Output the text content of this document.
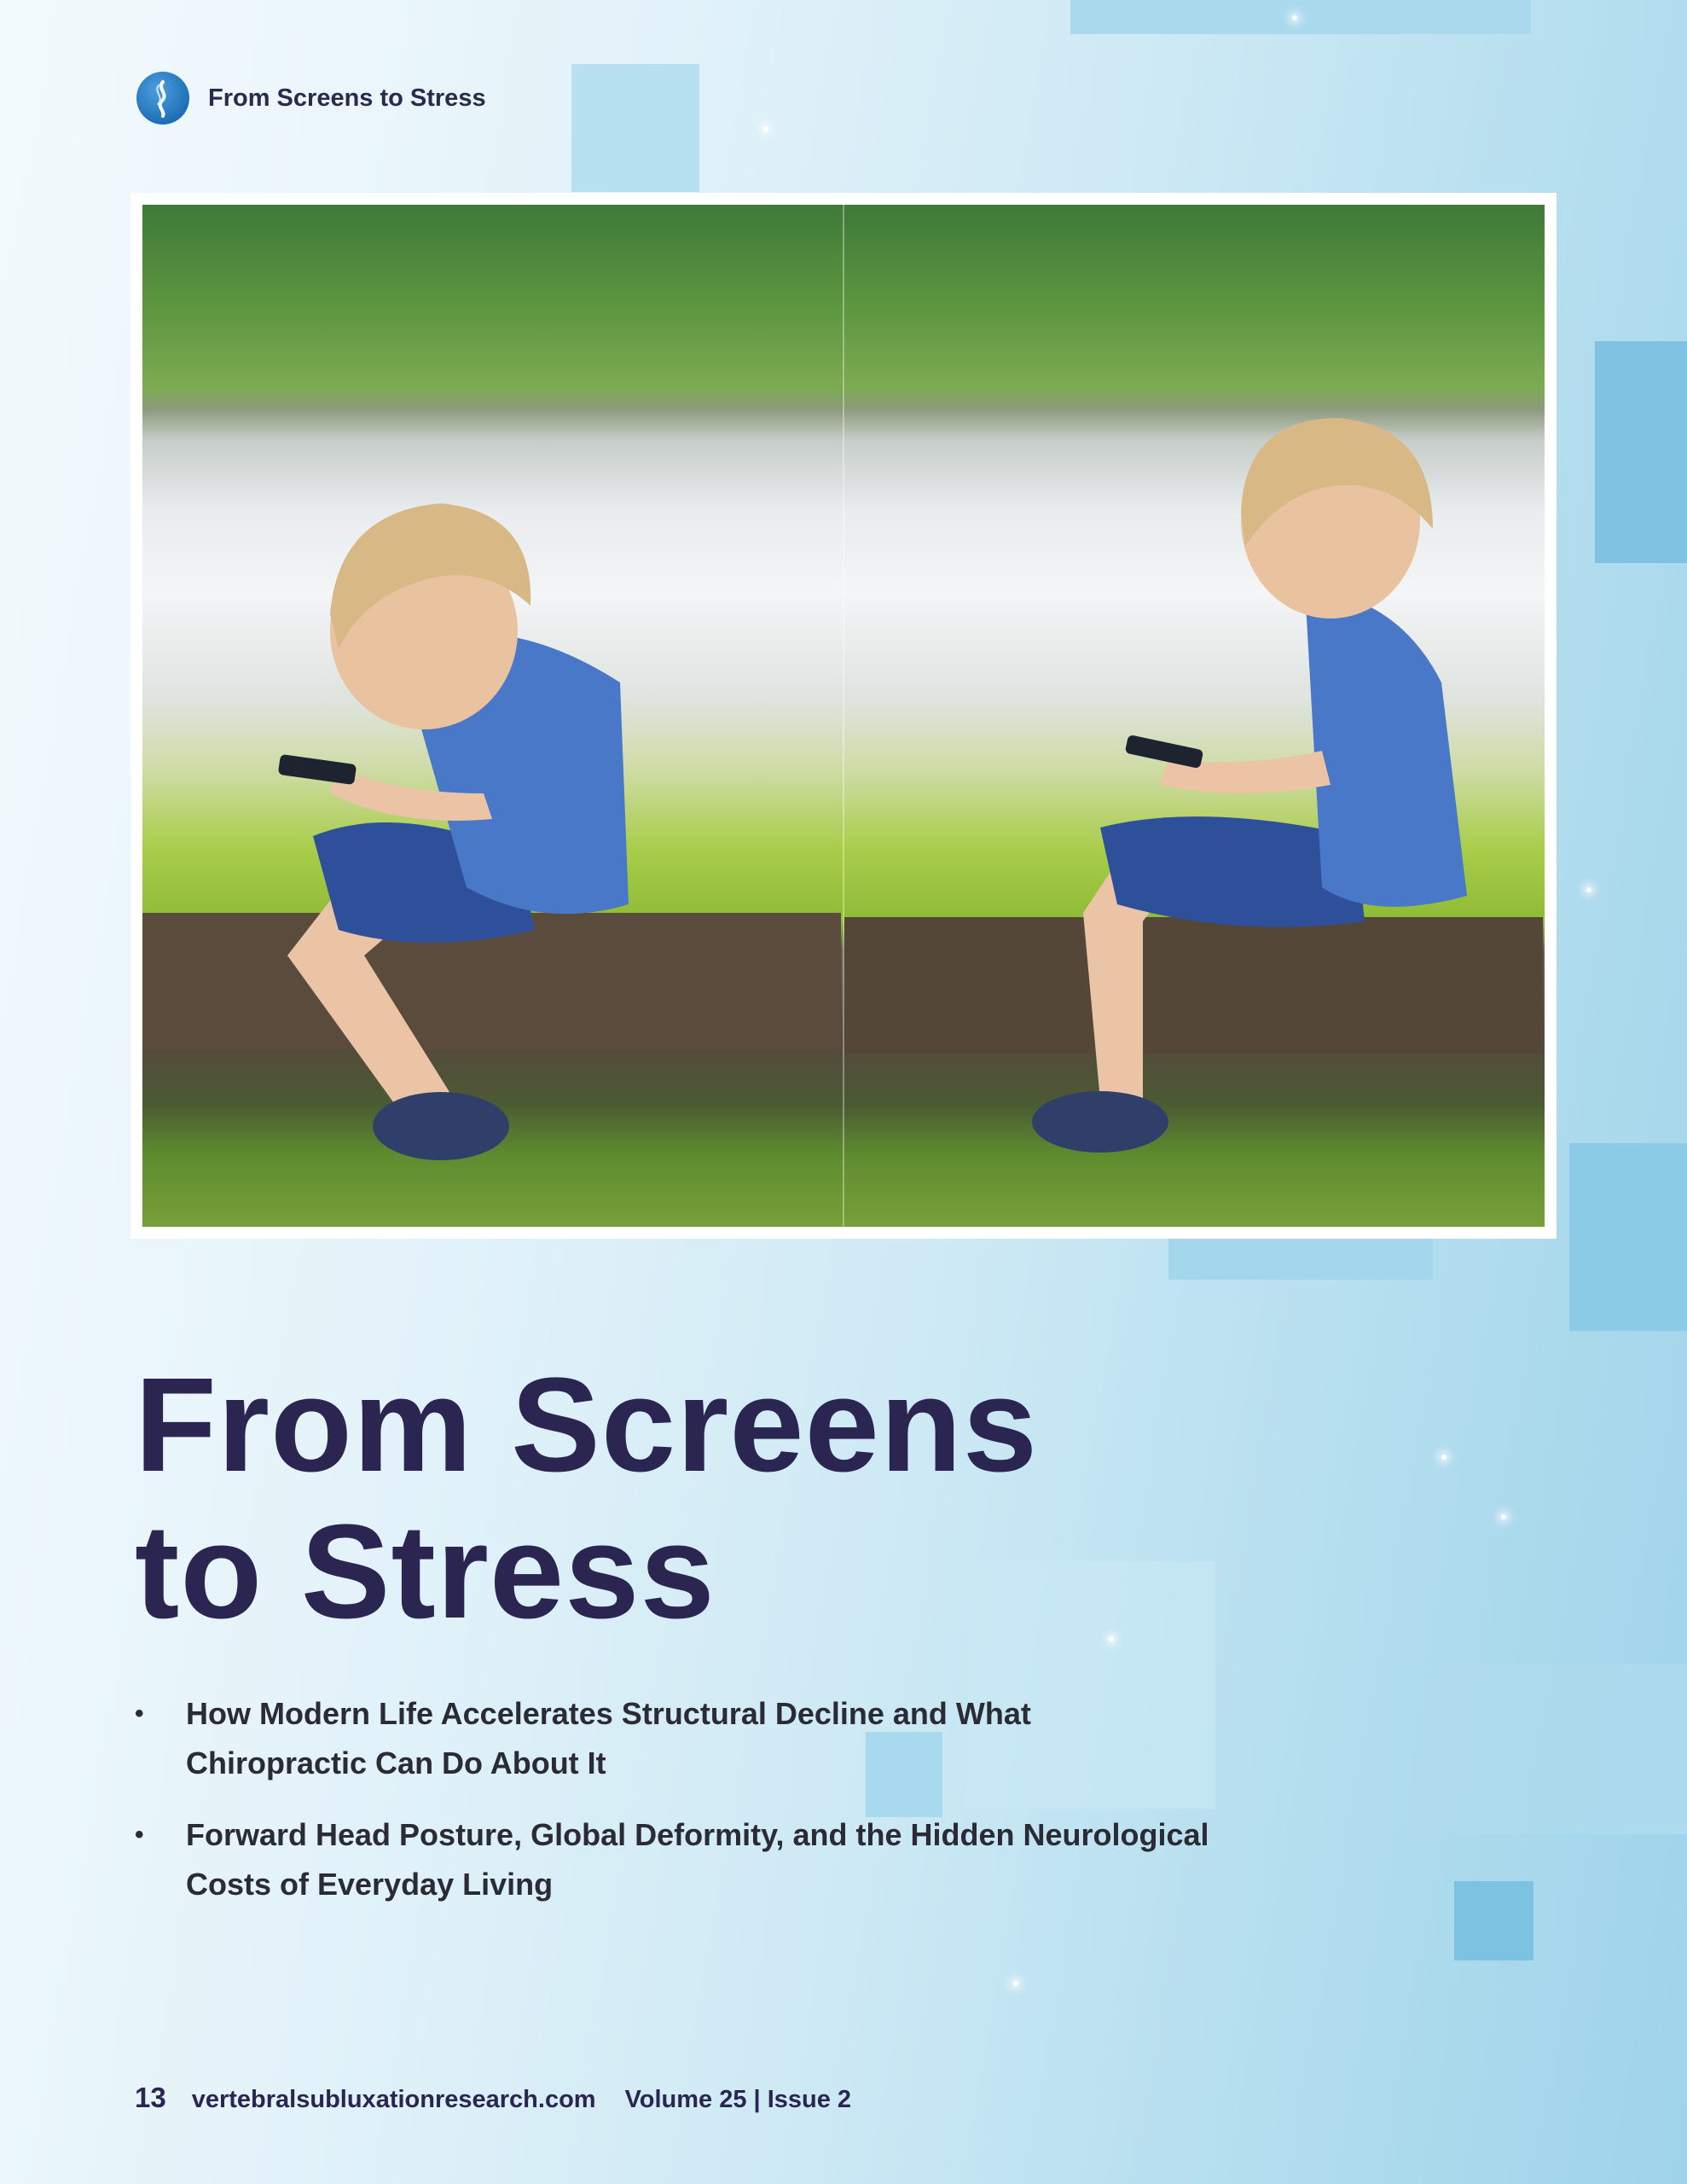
From Screens to Stress
From Screens
to Stress
• How Modern Life Accelerates Structural Decline and What Chiropractic Can Do About It
• Forward Head Posture, Global Deformity, and the Hidden Neurological Costs of Everyday Living
13 vertebralsubluxationresearch.com Volume 25 | Issue 2
